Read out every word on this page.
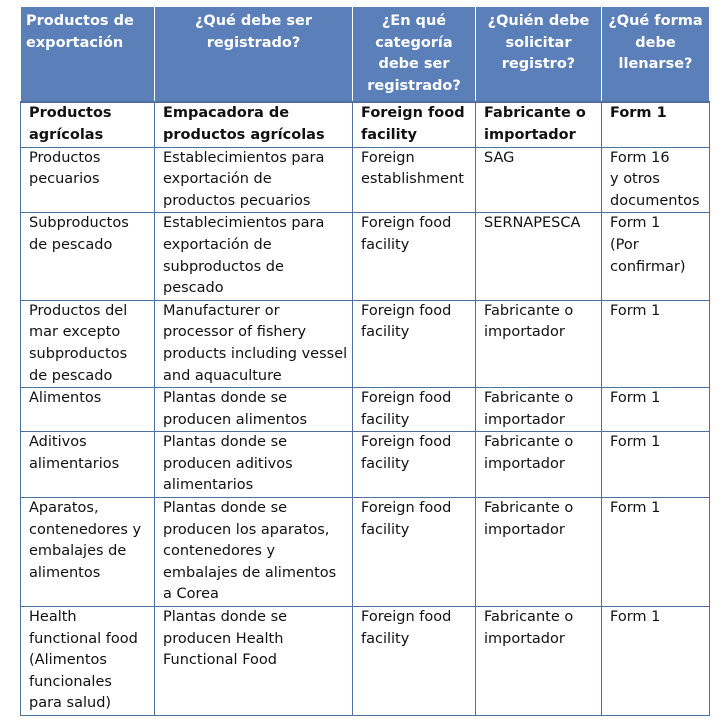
Productos de
exportación	¿Qué debe ser
registrado?	¿En qué
categoría
debe ser
registrado?	¿Quién debe
solicitar
registro?	¿Qué forma
debe
llenarse?
Productos
agrícolas	Empacadora de
productos agrícolas	Foreign food
facility	Fabricante o
importador	Form 1
Productos
pecuarios	Establecimientos para
exportación de
productos pecuarios	Foreign
establishment	SAG	Form 16
y otros
documentos
Subproductos
de pescado	Establecimientos para
exportación de
subproductos de
pescado	Foreign food
facility	SERNAPESCA	Form 1
(Por
confirmar)
Productos del
mar excepto
subproductos
de pescado	Manufacturer or
processor of fishery
products including vessel
and aquaculture	Foreign food
facility	Fabricante o
importador	Form 1
Alimentos	Plantas donde se
producen alimentos	Foreign food
facility	Fabricante o
importador	Form 1
Aditivos
alimentarios	Plantas donde se
producen aditivos
alimentarios	Foreign food
facility	Fabricante o
importador	Form 1
Aparatos,
contenedores y
embalajes de
alimentos	Plantas donde se
producen los aparatos,
contenedores y
embalajes de alimentos
a Corea	Foreign food
facility	Fabricante o
importador	Form 1
Health
functional food
(Alimentos
funcionales
para salud)	Plantas donde se
producen Health
Functional Food	Foreign food
facility	Fabricante o
importador	Form 1
